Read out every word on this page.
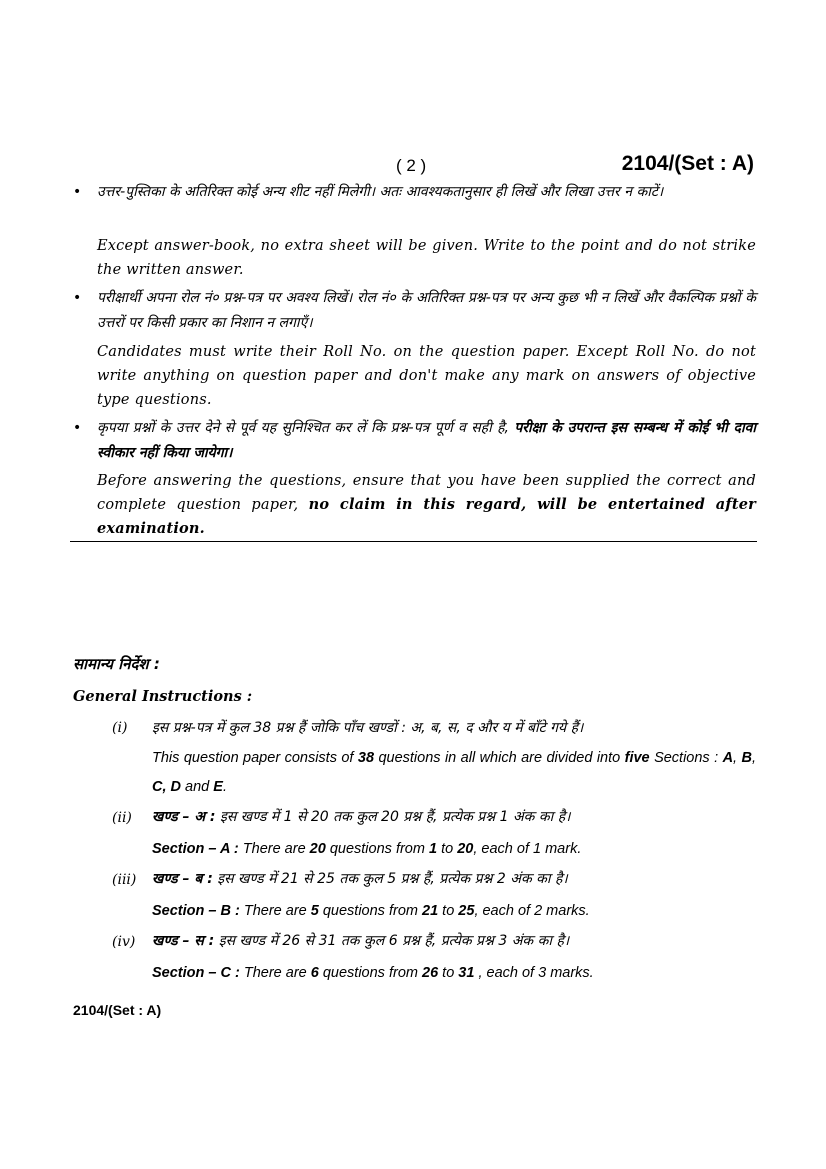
( 2 )	2104/(Set : A)
• उत्तर-पुस्तिका के अतिरिक्त कोई अन्य शीट नहीं मिलेगी। अतः आवश्यकतानुसार ही लिखें और लिखा उत्तर न काटें।
Except answer-book, no extra sheet will be given. Write to the point and do not strike the written answer.
• परीक्षार्थी अपना रोल नं० प्रश्न-पत्र पर अवश्य लिखें। रोल नं० के अतिरिक्त प्रश्न-पत्र पर अन्य कुछ भी न लिखें और वैकल्पिक प्रश्नों के उत्तरों पर किसी प्रकार का निशान न लगाएँ।
Candidates must write their Roll No. on the question paper. Except Roll No. do not write anything on question paper and don't make any mark on answers of objective type questions.
• कृपया प्रश्नों के उत्तर देने से पूर्व यह सुनिश्चित कर लें कि प्रश्न-पत्र पूर्ण व सही है, परीक्षा के उपरान्त इस सम्बन्ध में कोई भी दावा स्वीकार नहीं किया जायेगा।
Before answering the questions, ensure that you have been supplied the correct and complete question paper, no claim in this regard, will be entertained after examination.
सामान्य निर्देश :
General Instructions :
(i) इस प्रश्न-पत्र में कुल 38 प्रश्न हैं जोकि पाँच खण्डों : अ, ब, स, द और य में बाँटे गये हैं।
This question paper consists of 38 questions in all which are divided into five Sections : A, B, C, D and E.
(ii) खण्ड – अ : इस खण्ड में 1 से 20 तक कुल 20 प्रश्न हैं, प्रत्येक प्रश्न 1 अंक का है।
Section – A : There are 20 questions from 1 to 20, each of 1 mark.
(iii) खण्ड – ब : इस खण्ड में 21 से 25 तक कुल 5 प्रश्न हैं, प्रत्येक प्रश्न 2 अंक का है।
Section – B : There are 5 questions from 21 to 25, each of 2 marks.
(iv) खण्ड – स : इस खण्ड में 26 से 31 तक कुल 6 प्रश्न हैं, प्रत्येक प्रश्न 3 अंक का है।
Section – C : There are 6 questions from 26 to 31 , each of 3 marks.
2104/(Set : A)
